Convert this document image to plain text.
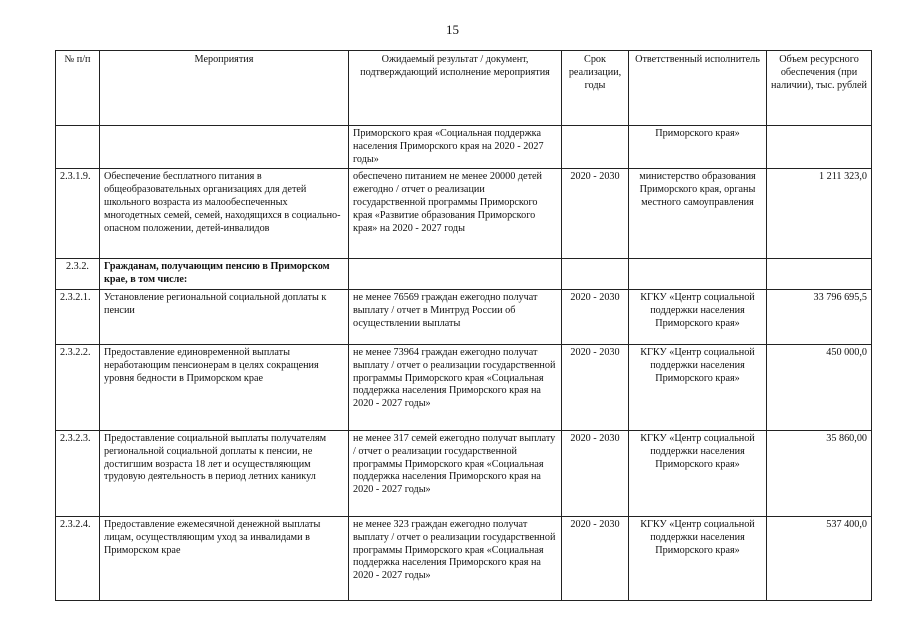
15
№ п/п	Мероприятия	Ожидаемый результат / документ, подтверждающий исполнение мероприятия	Срок реализации, годы	Ответственный исполнитель	Объем ресурсного обеспечения (при наличии), тыс. рублей
		Приморского края «Социальная поддержка населения Приморского края на 2020 - 2027 годы»		Приморского края»	
2.3.1.9.	Обеспечение бесплатного питания в общеобразовательных организациях для детей школьного возраста из малообеспеченных многодетных семей, семей, находящихся в социально-опасном положении, детей-инвалидов	обеспечено питанием не менее 20000 детей ежегодно / отчет о реализации государственной программы Приморского края «Развитие образования Приморского края» на 2020 - 2027 годы	2020 - 2030	министерство образования Приморского края, органы местного самоуправления	1 211 323,0
2.3.2.	Гражданам, получающим пенсию в Приморском крае, в том числе:				
2.3.2.1.	Установление региональной социальной доплаты к пенсии	не менее 76569 граждан ежегодно получат выплату / отчет в Минтруд России об осуществлении выплаты	2020 - 2030	КГКУ «Центр социальной поддержки населения Приморского края»	33 796 695,5
2.3.2.2.	Предоставление единовременной выплаты неработающим пенсионерам в целях сокращения уровня бедности в Приморском крае	не менее 73964 граждан ежегодно получат выплату / отчет о реализации государственной программы Приморского края «Социальная поддержка населения Приморского края на 2020 - 2027 годы»	2020 - 2030	КГКУ «Центр социальной поддержки населения Приморского края»	450 000,0
2.3.2.3.	Предоставление социальной выплаты получателям региональной социальной доплаты к пенсии, не достигшим возраста 18 лет и осуществляющим трудовую деятельность в период летних каникул	не менее 317 семей ежегодно получат выплату / отчет о реализации государственной программы Приморского края «Социальная поддержка населения Приморского края на 2020 - 2027 годы»	2020 - 2030	КГКУ «Центр социальной поддержки населения Приморского края»	35 860,00
2.3.2.4.	Предоставление ежемесячной денежной выплаты лицам, осуществляющим уход за инвалидами в Приморском крае	не менее 323 граждан ежегодно получат выплату / отчет о реализации государственной программы Приморского края «Социальная поддержка населения Приморского края на 2020 - 2027 годы»	2020 - 2030	КГКУ «Центр социальной поддержки населения Приморского края»	537 400,0
